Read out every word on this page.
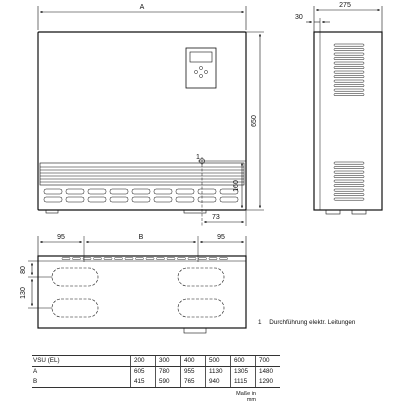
A
1
650
160
73
275
30
95	B	95
80
130
1 Durchführung elektr. Leitungen
VSU (EL)	200	300	400	500	600	700
A	605	780	955	1130	1305	1480
B	415	590	765	940	1115	1290
Maße in mm
